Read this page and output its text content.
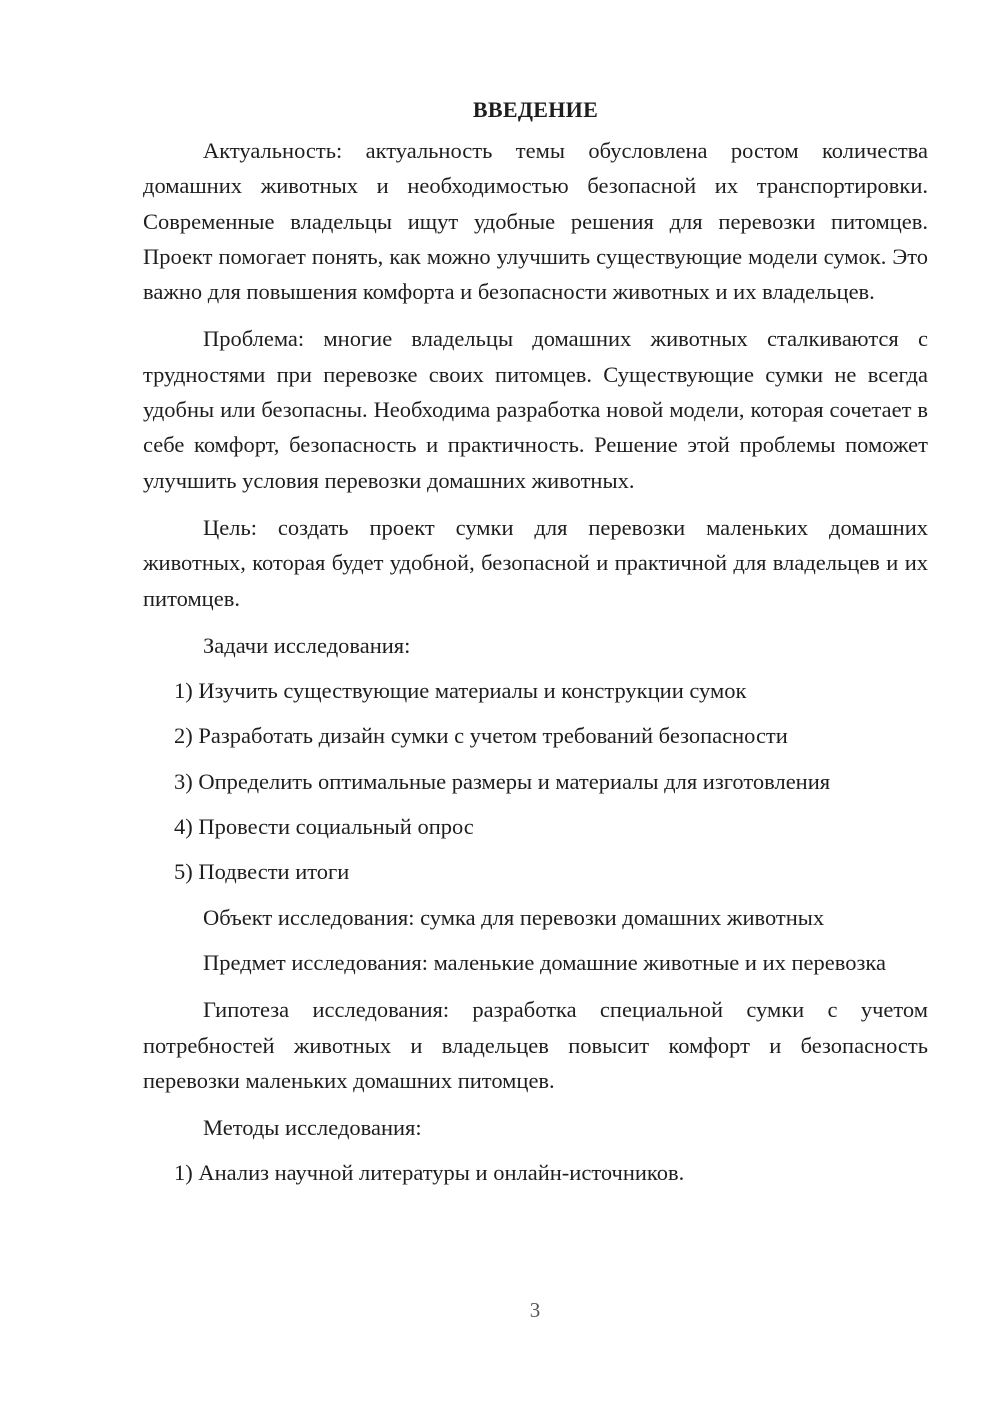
ВВЕДЕНИЕ

Актуальность: актуальность темы обусловлена ростом количества домашних животных и необходимостью безопасной их транспортировки. Современные владельцы ищут удобные решения для перевозки питомцев. Проект помогает понять, как можно улучшить существующие модели сумок. Это важно для повышения комфорта и безопасности животных и их владельцев.

Проблема: многие владельцы домашних животных сталкиваются с трудностями при перевозке своих питомцев. Существующие сумки не всегда удобны или безопасны. Необходима разработка новой модели, которая сочетает в себе комфорт, безопасность и практичность. Решение этой проблемы поможет улучшить условия перевозки домашних животных.

Цель: создать проект сумки для перевозки маленьких домашних животных, которая будет удобной, безопасной и практичной для владельцев и их питомцев.

Задачи исследования:

1) Изучить существующие материалы и конструкции сумок
2) Разработать дизайн сумки с учетом требований безопасности
3) Определить оптимальные размеры и материалы для изготовления
4) Провести социальный опрос
5) Подвести итоги

Объект исследования: сумка для перевозки домашних животных

Предмет исследования: маленькие домашние животные и их перевозка

Гипотеза исследования: разработка специальной сумки с учетом потребностей животных и владельцев повысит комфорт и безопасность перевозки маленьких домашних питомцев.

Методы исследования:

1) Анализ научной литературы и онлайн-источников.
3
